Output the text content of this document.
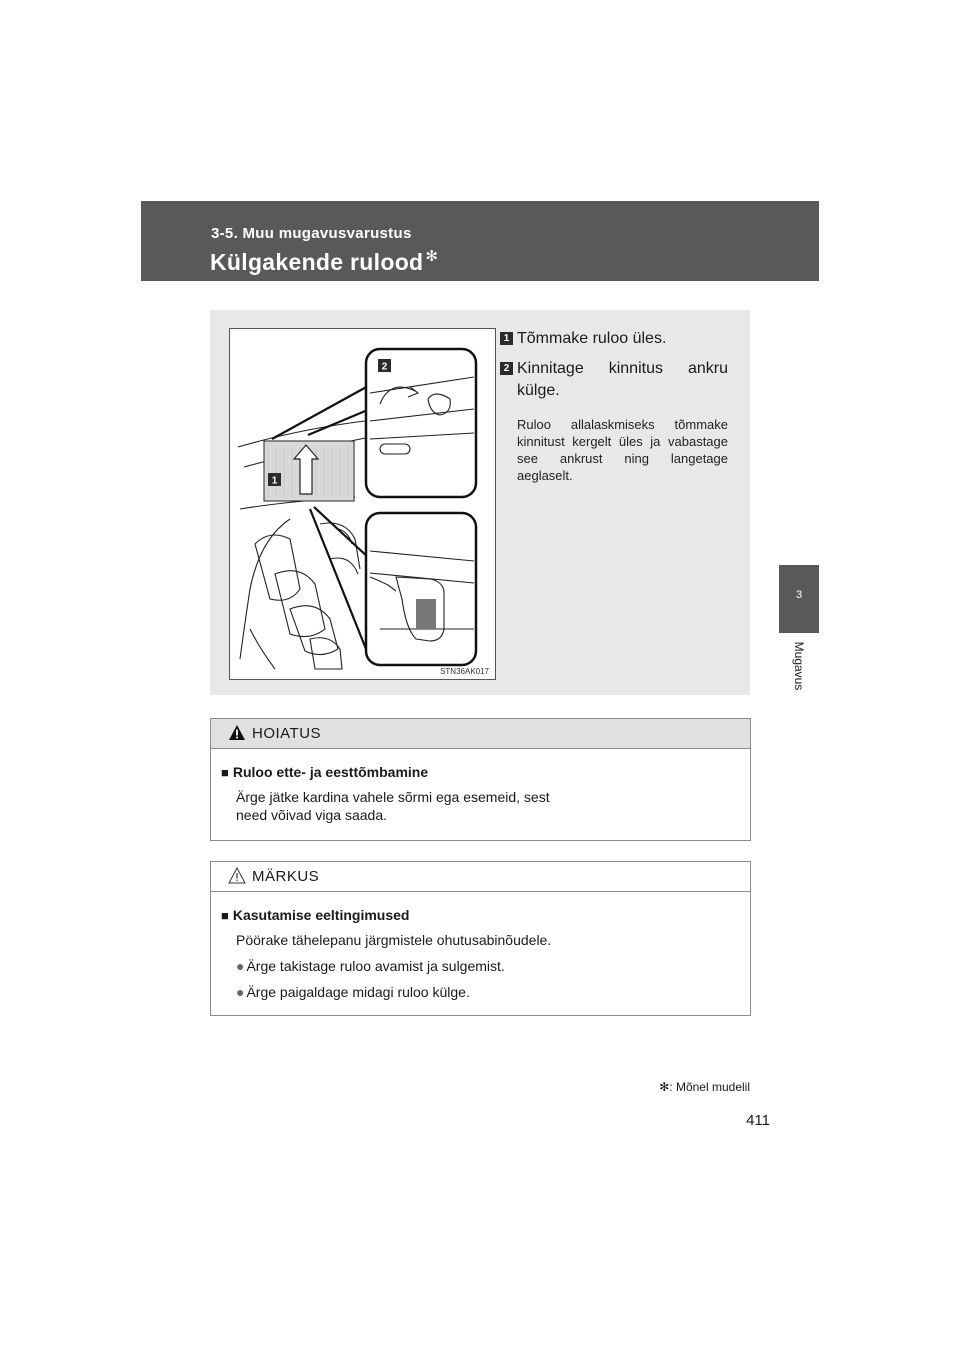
3-5. Muu mugavusvarustus
Külgakende rulood ✻
3
Mugavus
2
1
STN36AK017
1 Tõmmake ruloo üles.
2 Kinnitage kinnitus ankru külge.
Ruloo allalaskmiseks tõmmake kinnitust kergelt üles ja vabastage see ankrust ning langetage aeglaselt.
HOIATUS
■ Ruloo ette- ja eesttõmbamine
Ärge jätke kardina vahele sõrmi ega esemeid, sest need võivad viga saada.
MÄRKUS
■ Kasutamise eeltingimused
Pöörake tähelepanu järgmistele ohutusabinõudele.
● Ärge takistage ruloo avamist ja sulgemist.
● Ärge paigaldage midagi ruloo külge.
✻: Mõnel mudelil
411
